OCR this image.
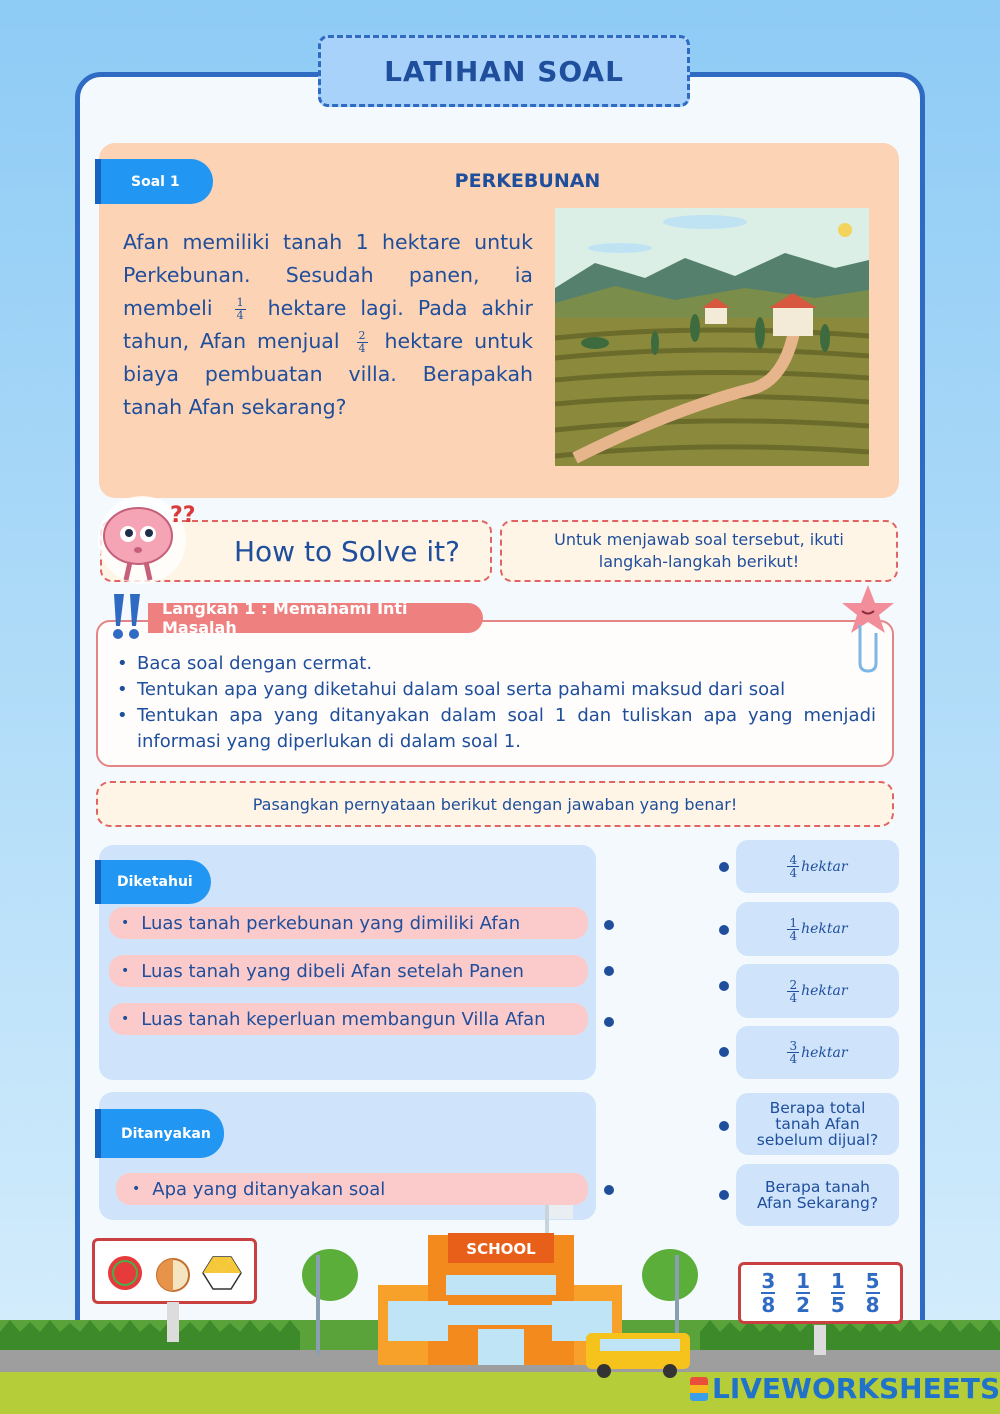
LATIHAN SOAL
Soal 1	PERKEBUNAN
Afan memiliki tanah 1 hektare untuk Perkebunan. Sesudah panen, ia membeli $\frac{1}{4}$ hektare lagi. Pada akhir tahun, Afan menjual $\frac{2}{4}$ hektare untuk biaya pembuatan villa. Berapakah tanah Afan sekarang?
How to Solve it?	Untuk menjawab soal tersebut, ikuti langkah-langkah berikut!
??
Langkah 1 : Memahami Inti Masalah
• Baca soal dengan cermat.
• Tentukan apa yang diketahui dalam soal serta pahami maksud dari soal
• Tentukan apa yang ditanyakan dalam soal 1 dan tuliskan apa yang menjadi informasi yang diperlukan di dalam soal 1.
Pasangkan pernyataan berikut dengan jawaban yang benar!
Diketahui
• Luas tanah perkebunan yang dimiliki Afan
• Luas tanah yang dibeli Afan setelah Panen
• Luas tanah keperluan membangun Villa Afan
Ditanyakan
• Apa yang ditanyakan soal
$\frac{4}{4}$ hektar
$\frac{1}{4}$ hektar
$\frac{2}{4}$ hektar
$\frac{3}{4}$ hektar
Berapa total tanah Afan sebelum dijual?
Berapa tanah Afan Sekarang?
SCHOOL
$\frac{3}{8} \frac{1}{2} \frac{1}{5} \frac{5}{8}$
LIVEWORKSHEETS
